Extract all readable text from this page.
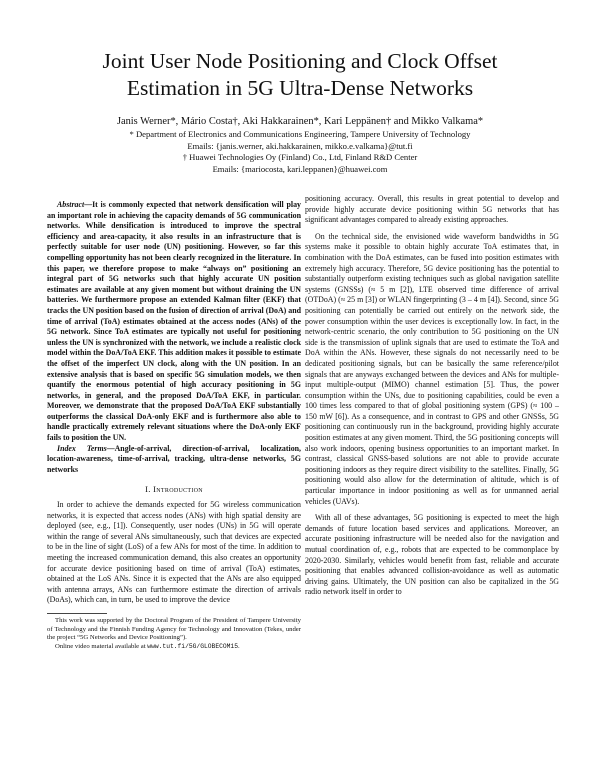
Joint User Node Positioning and Clock Offset
Estimation in 5G Ultra-Dense Networks
Janis Werner*, Mário Costa†, Aki Hakkarainen*, Kari Leppänen† and Mikko Valkama*
* Department of Electronics and Communications Engineering, Tampere University of Technology
Emails: {janis.werner, aki.hakkarainen, mikko.e.valkama}@tut.fi
† Huawei Technologies Oy (Finland) Co., Ltd, Finland R&D Center
Emails: {mariocosta, kari.leppanen}@huawei.com

Abstract—It is commonly expected that network densification will play an important role in achieving the capacity demands of 5G communication networks. While densification is introduced to improve the spectral efficiency and area-capacity, it also results in an infrastructure that is perfectly suitable for user node (UN) positioning. However, so far this compelling opportunity has not been clearly recognized in the literature. In this paper, we therefore propose to make “always on” positioning an integral part of 5G networks such that highly accurate UN position estimates are available at any given moment but without draining the UN batteries. We furthermore propose an extended Kalman filter (EKF) that tracks the UN position based on the fusion of direction of arrival (DoA) and time of arrival (ToA) estimates obtained at the access nodes (ANs) of the 5G network. Since ToA estimates are typically not useful for positioning unless the UN is synchronized with the network, we include a realistic clock model within the DoA/ToA EKF. This addition makes it possible to estimate the offset of the imperfect UN clock, along with the UN position. In an extensive analysis that is based on specific 5G simulation models, we then quantify the enormous potential of high accuracy positioning in 5G networks, in general, and the proposed DoA/ToA EKF, in particular. Moreover, we demonstrate that the proposed DoA/ToA EKF substantially outperforms the classical DoA-only EKF and is furthermore also able to handle practically extremely relevant situations where the DoA-only EKF fails to position the UN.

Index Terms—Angle-of-arrival, direction-of-arrival, localization, location-awareness, time-of-arrival, tracking, ultra-dense networks, 5G networks

I. Introduction

In order to achieve the demands expected for 5G wireless communication networks, it is expected that access nodes (ANs) with high spatial density are deployed (see, e.g., [1]). Consequently, user nodes (UNs) in 5G will operate within the range of several ANs simultaneously, such that devices are expected to be in the line of sight (LoS) of a few ANs for most of the time. In addition to meeting the increased communication demand, this also creates an opportunity for accurate device positioning based on time of arrival (ToA) estimates, obtained at the LoS ANs. Since it is expected that the ANs are also equipped with antenna arrays, ANs can furthermore estimate the direction of arrivals (DoAs), which can, in turn, be used to improve the device

This work was supported by the Doctoral Program of the President of Tampere University of Technology and the Finnish Funding Agency for Technology and Innovation (Tekes, under the project “5G Networks and Device Positioning”).

Online video material available at www.tut.fi/5G/GLOBECOM15.

positioning accuracy. Overall, this results in great potential to develop and provide highly accurate device positioning within 5G networks that has significant advantages compared to already existing approaches.

On the technical side, the envisioned wide waveform bandwidths in 5G systems make it possible to obtain highly accurate ToA estimates that, in combination with the DoA estimates, can be fused into position estimates with extremely high accuracy. Therefore, 5G device positioning has the potential to substantially outperform existing techniques such as global navigation satellite systems (GNSSs) (≈ 5 m [2]), LTE observed time difference of arrival (OTDoA) (≈ 25 m [3]) or WLAN fingerprinting (3 – 4 m [4]). Second, since 5G positioning can potentially be carried out entirely on the network side, the power consumption within the user devices is exceptionally low. In fact, in the network-centric scenario, the only contribution to 5G positioning on the UN side is the transmission of uplink signals that are used to estimate the ToA and DoA within the ANs. However, these signals do not necessarily need to be dedicated positioning signals, but can be basically the same reference/pilot signals that are anyways exchanged between the devices and ANs for multiple-input multiple-output (MIMO) channel estimation [5]. Thus, the power consumption within the UNs, due to positioning capabilities, could be even a 100 times less compared to that of global positioning system (GPS) (≈ 100 – 150 mW [6]). As a consequence, and in contrast to GPS and other GNSSs, 5G positioning can continuously run in the background, providing highly accurate position estimates at any given moment. Third, the 5G positioning concepts will also work indoors, opening business opportunities to an important market. In contrast, classical GNSS-based solutions are not able to provide accurate positioning indoors as they require direct visibility to the satellites. Finally, 5G positioning would also allow for the determination of altitude, which is of particular importance in indoor positioning as well as for unmanned aerial vehicles (UAVs).

With all of these advantages, 5G positioning is expected to meet the high demands of future location based services and applications. Moreover, an accurate positioning infrastructure will be needed also for the navigation and mutual coordination of, e.g., robots that are expected to be commonplace by 2020-2030. Similarly, vehicles would benefit from fast, reliable and accurate positioning that enables advanced collision-avoidance as well as automatic driving gains. Ultimately, the UN position can also be capitalized in the 5G radio network itself in order to
